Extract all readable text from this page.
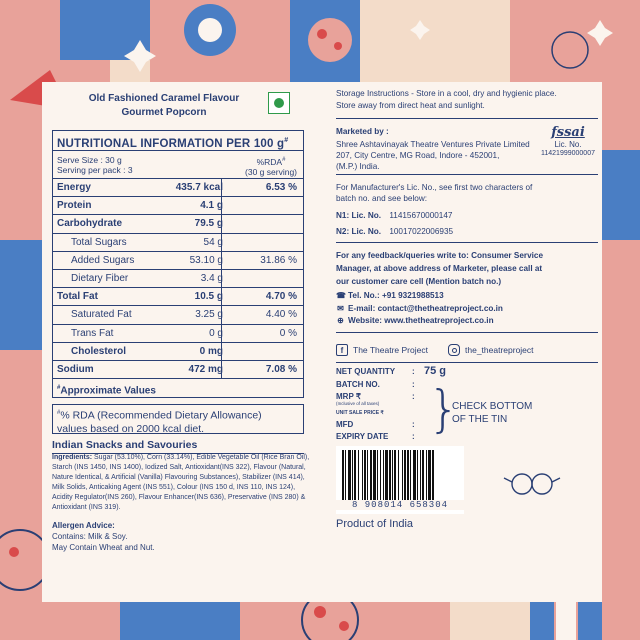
Old Fashioned Caramel Flavour
Gourmet Popcorn
NUTRITIONAL INFORMATION PER 100 g#
Serve Size : 30 g
Serving per pack : 3
%RDA#
(30 g serving)
Energy	435.7 kcal	6.53 %
Protein	4.1 g
Carbohydrate	79.5 g
Total Sugars	54 g
Added Sugars	53.10 g	31.86 %
Dietary Fiber	3.4 g
Total Fat	10.5 g	4.70 %
Saturated Fat	3.25 g	4.40 %
Trans Fat	0 g	0 %
Cholesterol	0 mg
Sodium	472 mg	7.08 %
#Approximate Values
#% RDA (Recommended Dietary Allowance)
values based on 2000 kcal diet.
Indian Snacks and Savouries
Ingredients: Sugar (53.10%), Corn (33.14%), Edible Vegetable Oil (Rice Bran Oil), Starch (INS 1450, INS 1400), Iodized Salt, Antioxidant(INS 322), Flavour (Natural, Nature Identical, & Artificial (Vanilla) Flavouring Substances), Stabilizer (INS 414), Milk Solids, Anticaking Agent (INS 551), Colour (INS 150 d, INS 110, INS 124), Acidity Regulator(INS 260), Flavour Enhancer(INS 636), Preservative (INS 280) & Antioxidant (INS 319).
Allergen Advice:
Contains: Milk & Soy.
May Contain Wheat and Nut.
Storage Instructions - Store in a cool, dry and hygienic place.
Store away from direct heat and sunlight.
Marketed by :
Shree Ashtavinayak Theatre Ventures Private Limited
207, City Centre, MG Road, Indore - 452001,
(M.P.) India.
fssai
Lic. No.
11421999000007
For Manufacturer's Lic. No., see first two characters of
batch no. and see below:
N1: Lic. No. 11415670000147
N2: Lic. No. 10017022006935
For any feedback/queries write to: Consumer Service
Manager, at above address of Marketer, please call at
our customer care cell (Mention batch no.)
☎ Tel. No.: +91 9321988513
✉ E-mail: contact@thetheatreproject.co.in
⊕ Website: www.thetheatreproject.co.in
f	The Theatre Project	the_theatreproject
NET QUANTITY : 75 g
BATCH NO.	:
MRP ₹
(Inclusive of all taxes)
:
UNIT SALE PRICE ₹
MFD	:
EXPIRY DATE	: }
CHECK BOTTOM
OF THE TIN
8 908014 658304
Product of India
